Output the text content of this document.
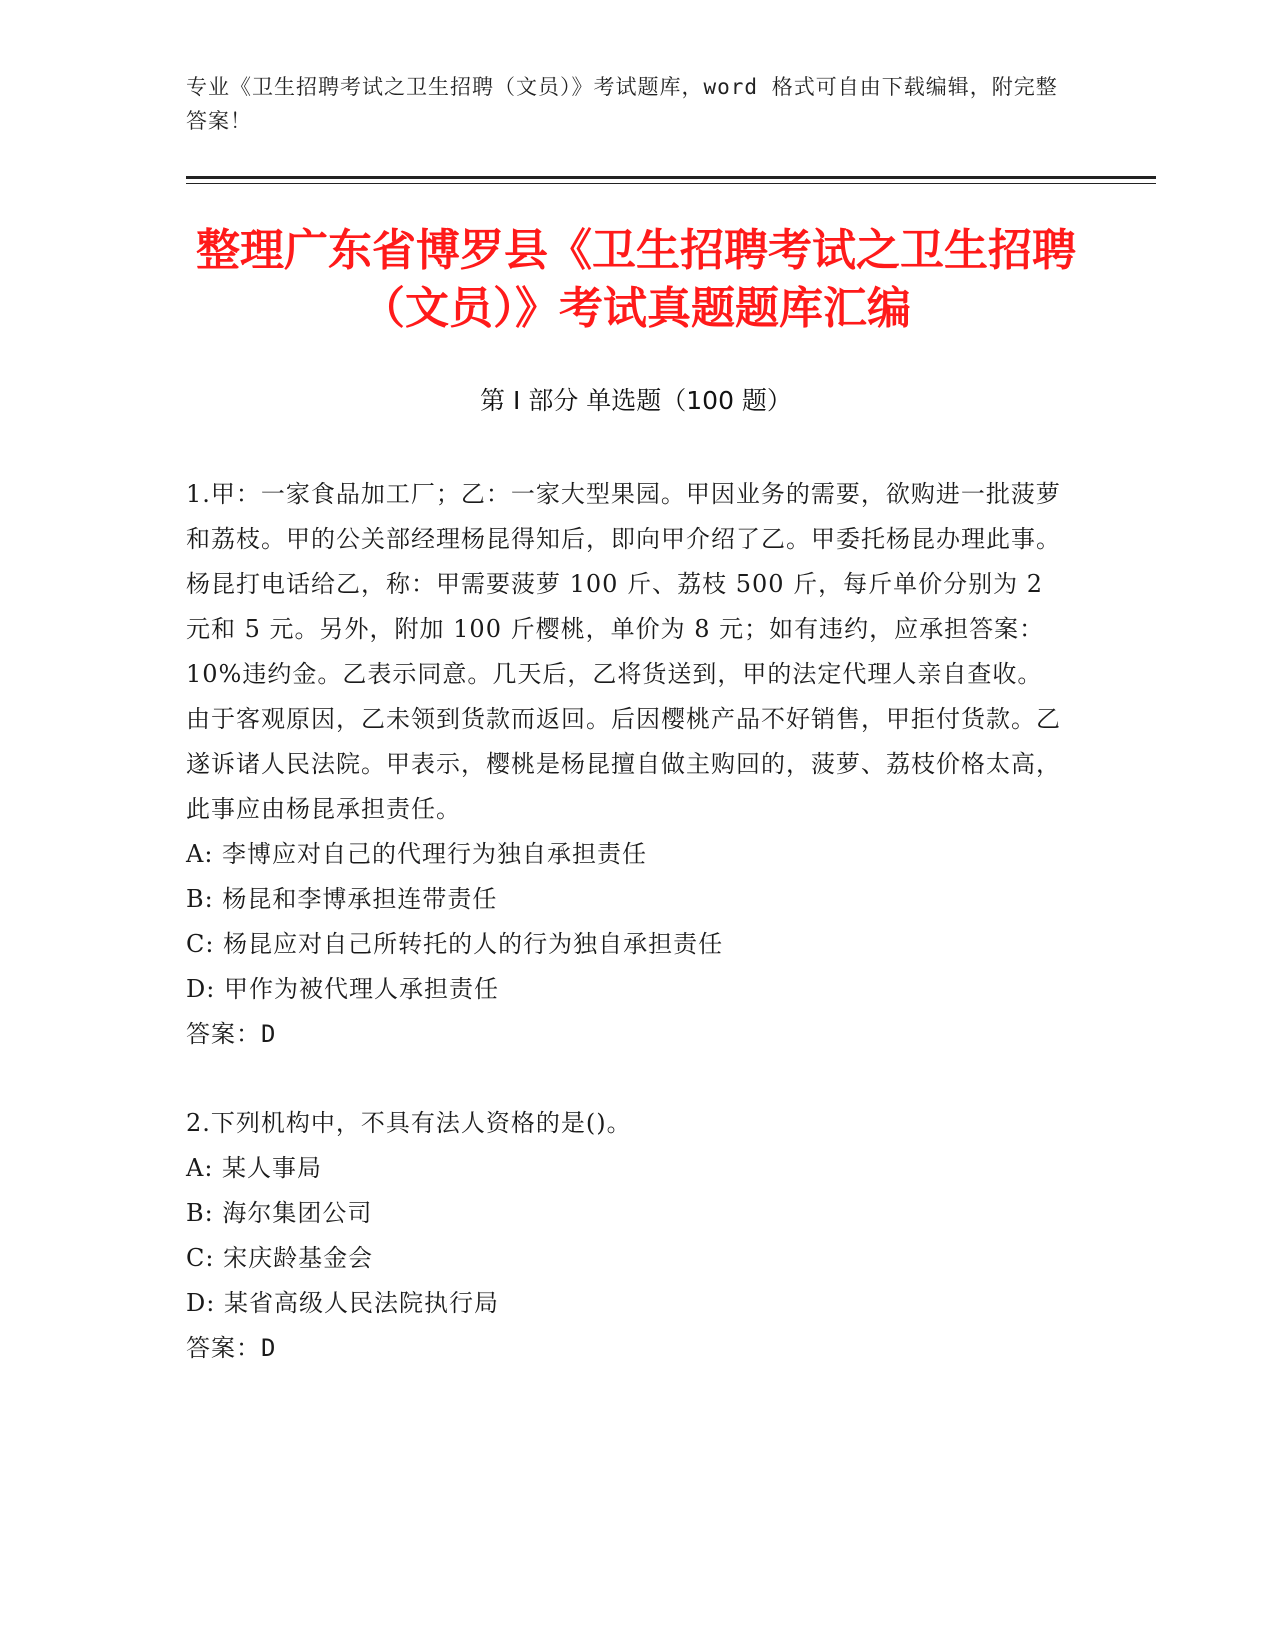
专业《卫生招聘考试之卫生招聘（文员）》考试题库，word 格式可自由下载编辑，附完整答案！
整理广东省博罗县《卫生招聘考试之卫生招聘（文员）》考试真题题库汇编
第 I 部分 单选题（100 题）

1.甲：一家食品加工厂；乙：一家大型果园。甲因业务的需要，欲购进一批菠萝和荔枝。甲的公关部经理杨昆得知后，即向甲介绍了乙。甲委托杨昆办理此事。杨昆打电话给乙，称：甲需要菠萝 100 斤、荔枝 500 斤，每斤单价分别为 2 元和 5 元。另外，附加 100 斤樱桃，单价为 8 元；如有违约，应承担答案：10%违约金。乙表示同意。几天后，乙将货送到，甲的法定代理人亲自查收。由于客观原因，乙未领到货款而返回。后因樱桃产品不好销售，甲拒付货款。乙遂诉诸人民法院。甲表示，樱桃是杨昆擅自做主购回的，菠萝、荔枝价格太高，此事应由杨昆承担责任。

A: 李博应对自己的代理行为独自承担责任

B: 杨昆和李博承担连带责任

C: 杨昆应对自己所转托的人的行为独自承担责任

D: 甲作为被代理人承担责任

答案：D

2.下列机构中，不具有法人资格的是()。

A: 某人事局

B: 海尔集团公司

C: 宋庆龄基金会

D: 某省高级人民法院执行局

答案：D
